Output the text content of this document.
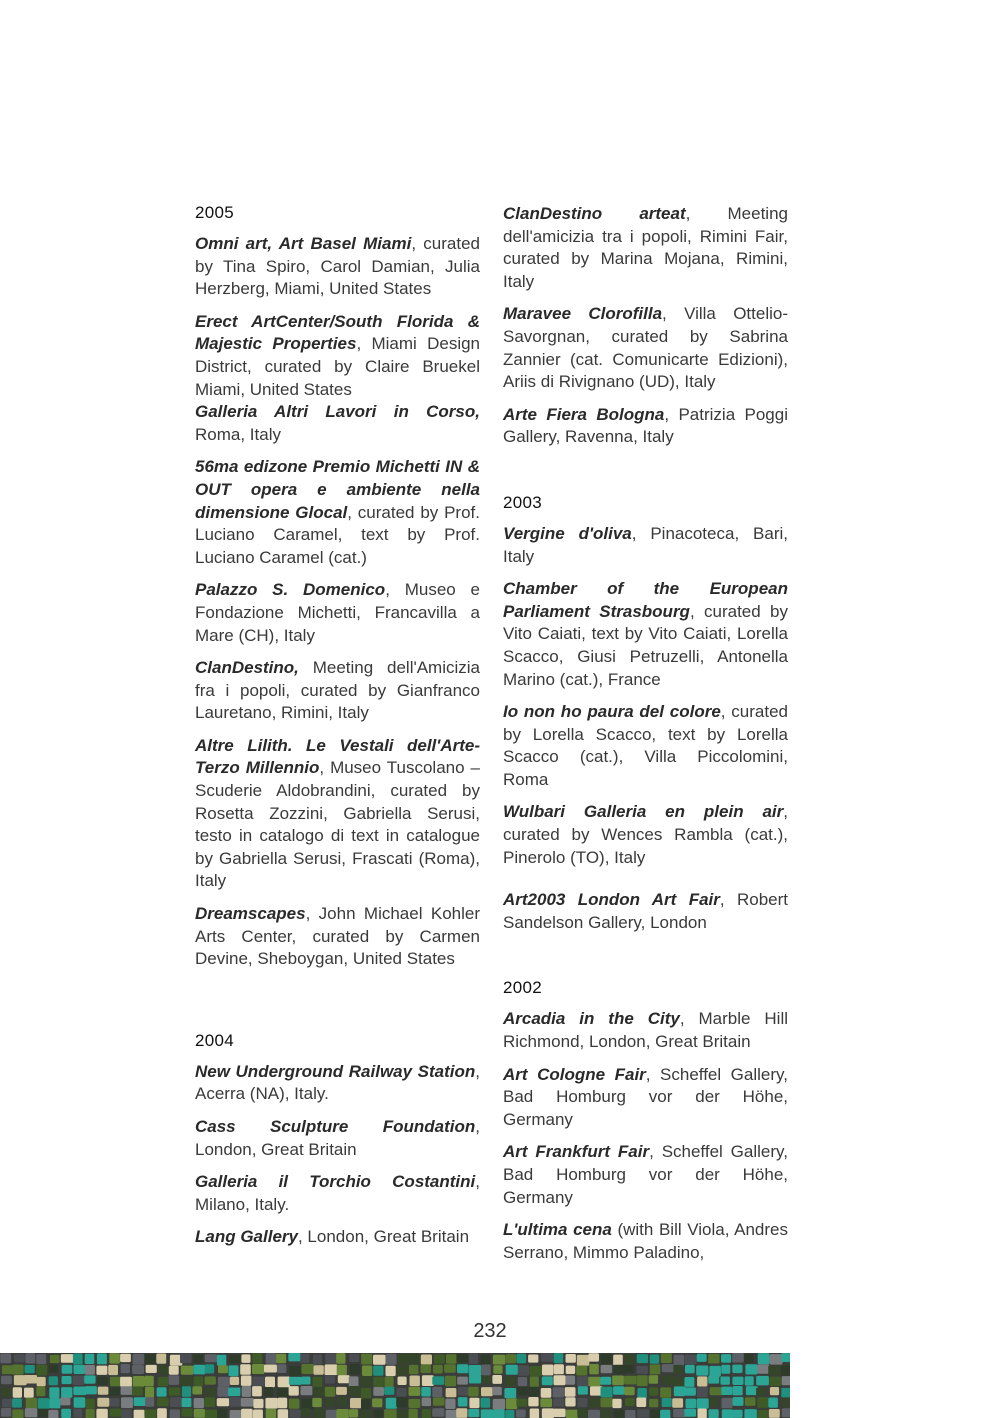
2005
Omni art, Art Basel Miami, curated by Tina Spiro, Carol Damian, Julia Herzberg, Miami, United States
Erect ArtCenter/South Florida & Majestic Properties, Miami Design District, curated by Claire Bruekel Miami, United States
Galleria Altri Lavori in Corso, Roma, Italy
56ma edizone Premio Michetti IN & OUT opera e ambiente nella dimensione Glocal, curated by Prof. Luciano Caramel, text by Prof. Luciano Caramel (cat.)
Palazzo S. Domenico, Museo e Fondazione Michetti, Francavilla a Mare (CH), Italy
ClanDestino, Meeting dell'Amicizia fra i popoli, curated by Gianfranco Lauretano, Rimini, Italy
Altre Lilith. Le Vestali dell'Arte-Terzo Millennio, Museo Tuscolano – Scuderie Aldobrandini, curated by Rosetta Zozzini, Gabriella Serusi, testo in catalogo di text in catalogue by Gabriella Serusi, Frascati (Roma), Italy
Dreamscapes, John Michael Kohler Arts Center, curated by Carmen Devine, Sheboygan, United States
2004
New Underground Railway Station, Acerra (NA), Italy.
Cass Sculpture Foundation, London, Great Britain
Galleria il Torchio Costantini, Milano, Italy.
Lang Gallery, London, Great Britain
ClanDestino arteat, Meeting dell'amicizia tra i popoli, Rimini Fair, curated by Marina Mojana, Rimini, Italy
Maravee Clorofilla, Villa Ottelio-Savorgnan, curated by Sabrina Zannier (cat. Comunicarte Edizioni), Ariis di Rivignano (UD), Italy
Arte Fiera Bologna, Patrizia Poggi Gallery, Ravenna, Italy
2003
Vergine d'oliva, Pinacoteca, Bari, Italy
Chamber of the European Parliament Strasbourg, curated by Vito Caiati, text by Vito Caiati, Lorella Scacco, Giusi Petruzelli, Antonella Marino (cat.), France
Io non ho paura del colore, curated by Lorella Scacco, text by Lorella Scacco (cat.), Villa Piccolomini, Roma
Wulbari Galleria en plein air, curated by Wences Rambla (cat.), Pinerolo (TO), Italy
Art2003 London Art Fair, Robert Sandelson Gallery, London
2002
Arcadia in the City, Marble Hill Richmond, London, Great Britain
Art Cologne Fair, Scheffel Gallery, Bad Homburg vor der Höhe, Germany
Art Frankfurt Fair, Scheffel Gallery, Bad Homburg vor der Höhe, Germany
L'ultima cena (with Bill Viola, Andres Serrano, Mimmo Paladino,
232
